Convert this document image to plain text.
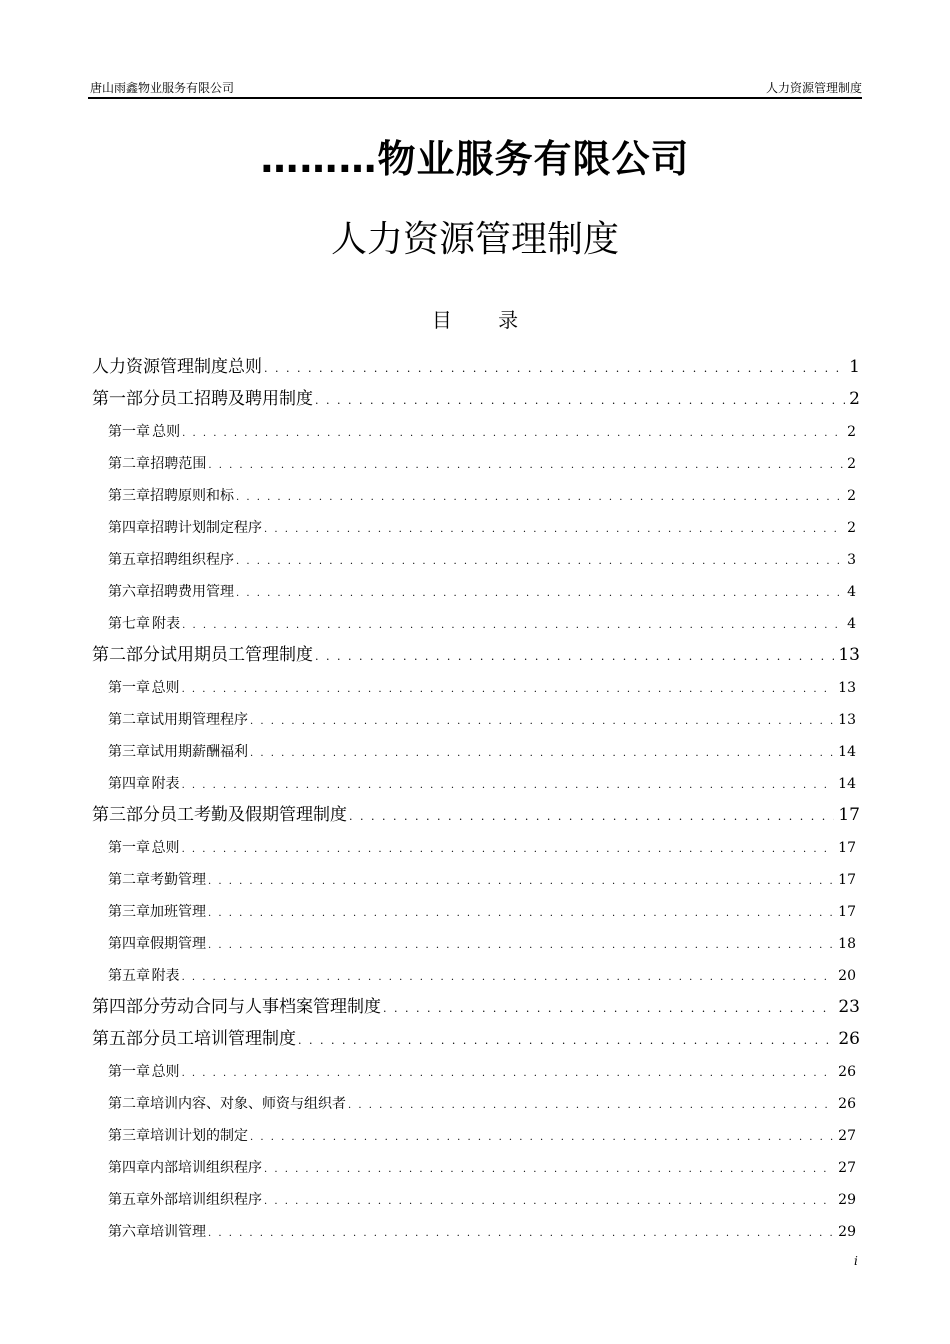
唐山雨鑫物业服务有限公司	人力资源管理制度
………物业服务有限公司
人力资源管理制度
目 录
人力资源管理制度总则 . . .	1
第一部分 员工招聘及聘用制度 . . .	2
第一章 总则 . . .	2
第二章 招聘范围 . . .	2
第三章 招聘原则和标 . . .	2
第四章 招聘计划制定程序 . . .	2
第五章 招聘组织程序 . . .	3
第六章 招聘费用管理 . . .	4
第七章 附表 . . .	4
第二部分 试用期员工管理制度 . . .	13
第一章 总则 . . .	13
第二章 试用期管理程序 . . .	13
第三章 试用期薪酬福利 . . .	14
第四章 附表 . . .	14
第三部分 员工考勤及假期管理制度 . . .	17
第一章 总则 . . .	17
第二章 考勤管理 . . .	17
第三章 加班管理 . . .	17
第四章 假期管理 . . .	18
第五章 附表 . . .	20
第四部分 劳动合同与人事档案管理制度 . . .	23
第五部分 员工培训管理制度 . . .	26
第一章 总则 . . .	26
第二章 培训内容、对象、师资与组织者 . . .	26
第三章 培训计划的制定 . . .	27
第四章 内部培训组织程序 . . .	27
第五章 外部培训组织程序 . . .	29
第六章 培训管理 . . .	29
i
